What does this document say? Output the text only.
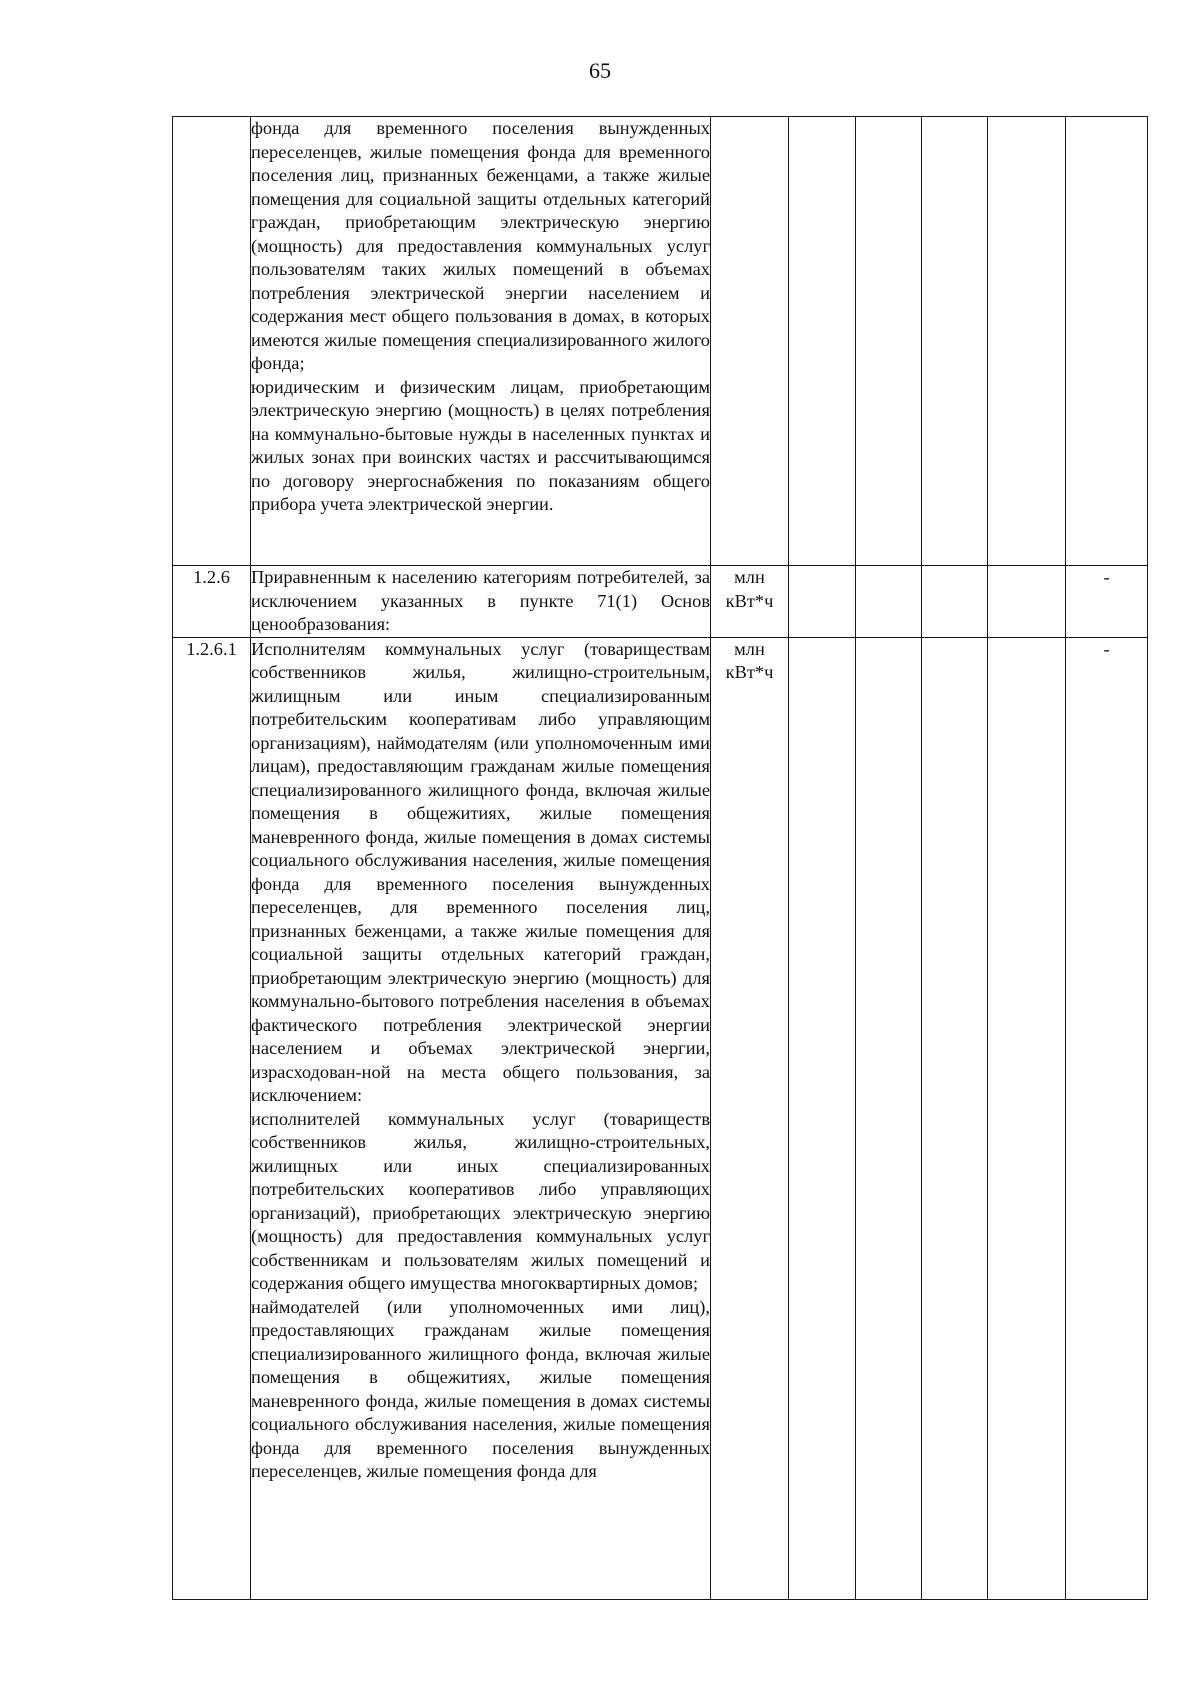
65

	фонда для временного поселения вынужденных переселенцев, жилые помещения фонда для временного поселения лиц, признанных беженцами, а также жилые помещения для социальной защиты отдельных категорий граждан, приобретающим электрическую энергию (мощность) для предоставления коммунальных услуг пользователям таких жилых помещений в объемах потребления электрической энергии населением и содержания мест общего пользования в домах, в которых имеются жилые помещения специализированного жилого фонда;

юридическим и физическим лицам, приобретающим электрическую энергию (мощность) в целях потребления на коммунально-бытовые нужды в населенных пунктах и жилых зонах при воинских частях и рассчитывающимся по договору энергоснабжения по показаниям общего прибора учета электрической энергии.						

1.2.6	Приравненным к населению категориям потребителей, за исключением указанных в пункте 71(1) Основ ценообразования:	млн кВт*ч					-
1.2.6.1	Исполнителям коммунальных услуг (товариществам собственников жилья, жилищно-строительным, жилищным или иным специализированным потребительским кооперативам либо управляющим организациям), наймодателям (или уполномоченным ими лицам), предоставляющим гражданам жилые помещения специализированного жилищного фонда, включая жилые помещения в общежитиях, жилые помещения маневренного фонда, жилые помещения в домах системы социального обслуживания населения, жилые помещения фонда для временного поселения вынужденных переселенцев, для временного поселения лиц, признанных беженцами, а также жилые помещения для социальной защиты отдельных категорий граждан, приобретающим электрическую энергию (мощность) для коммунально-бытового потребления населения в объемах фактического потребления электрической энергии населением и объемах электрической энергии, израсходован-ной на места общего пользования, за исключением:

исполнителей коммунальных услуг (товариществ собственников жилья, жилищно-строительных, жилищных или иных специализированных потребительских кооперативов либо управляющих организаций), приобретающих электрическую энергию (мощность) для предоставления коммунальных услуг собственникам и пользователям жилых помещений и содержания общего имущества многоквартирных домов;

наймодателей (или уполномоченных ими лиц), предоставляющих гражданам жилые помещения специализированного жилищного фонда, включая жилые помещения в общежитиях, жилые помещения маневренного фонда, жилые помещения в домах системы социального обслуживания населения, жилые помещения фонда для временного поселения вынужденных переселенцев, жилые помещения фонда для	млн кВт*ч					-
